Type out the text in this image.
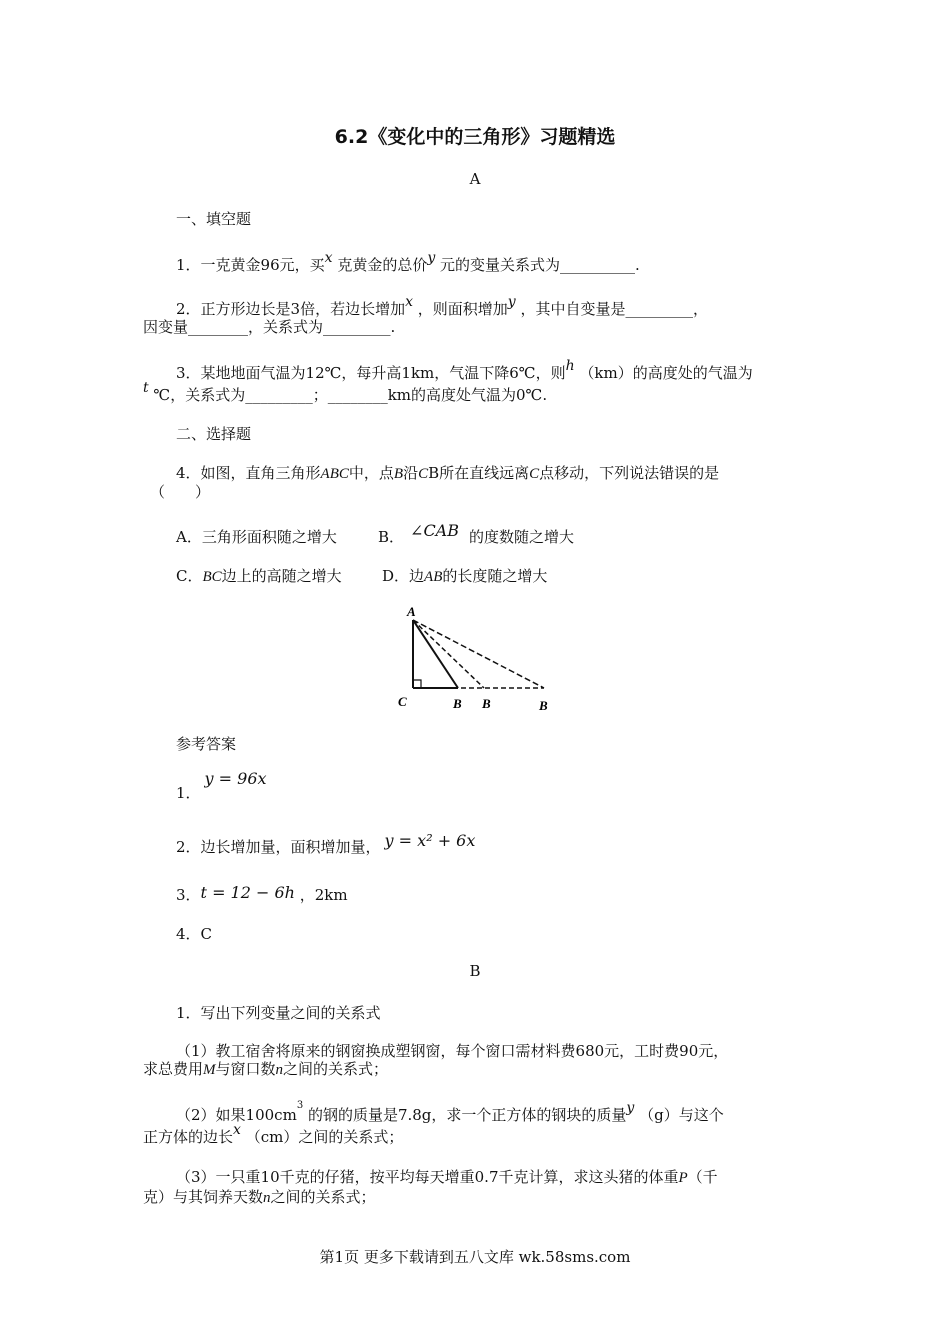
6.2《变化中的三角形》习题精选
A
一、填空题
1．一克黄金96元，买x 克黄金的总价y 元的变量关系式为__________.
2．正方形边长是3倍，若边长增加x ，则面积增加y ，其中自变量是_________，
因变量________，关系式为_________.
3．某地地面气温为12℃，每升高1km，气温下降6℃，则h （km）的高度处的气温为
t ℃，关系式为_________；________km的高度处气温为0℃.
二、选择题
4．如图，直角三角形ABC中，点B沿CB所在直线远离C点移动，下列说法错误的是
（　　）
A．三角形面积随之增大	B． ∠CAB 的度数随之增大
C．BC边上的高随之增大	D．边AB的长度随之增大
A
C	B B	B
参考答案
1．y = 96x
2．边长增加量，面积增加量， y = x² + 6x
3．t = 12 − 6h ，2km
4．C
B
1．写出下列变量之间的关系式
（1）教工宿舍将原来的钢窗换成塑钢窗，每个窗口需材料费680元，工时费90元，
求总费用M与窗口数n之间的关系式；
（2）如果$100cm^3$ 的钢的质量是7.8g，求一个正方体的钢块的质量y （g）与这个
正方体的边长x （cm）之间的关系式；
（3）一只重10千克的仔猪，按平均每天增重0.7千克计算，求这头猪的体重P（千
克）与其饲养天数n之间的关系式；
第1页 更多下载请到五八文库 wk.58sms.com
